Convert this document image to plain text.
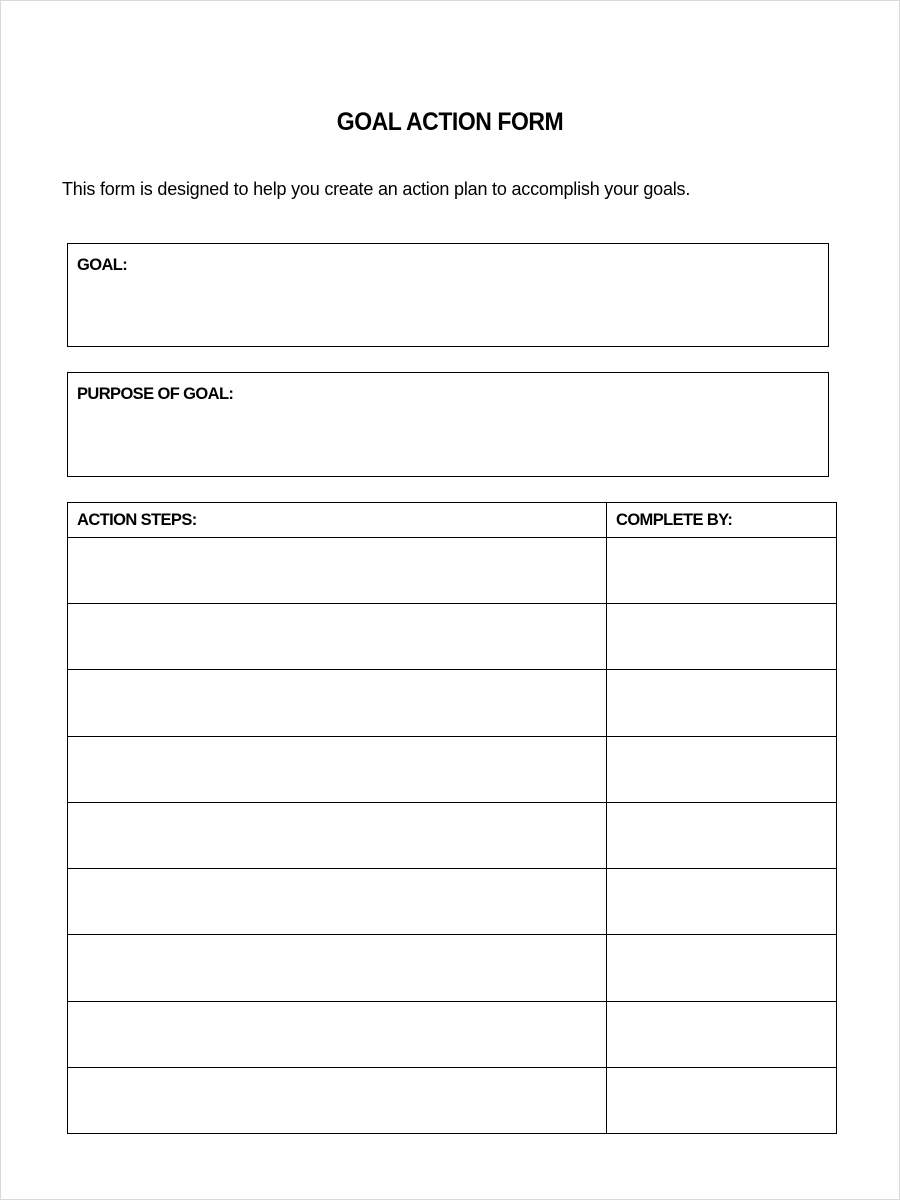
GOAL ACTION FORM
This form is designed to help you create an action plan to accomplish your goals.
GOAL:
PURPOSE OF GOAL:
ACTION STEPS:	COMPLETE BY:
